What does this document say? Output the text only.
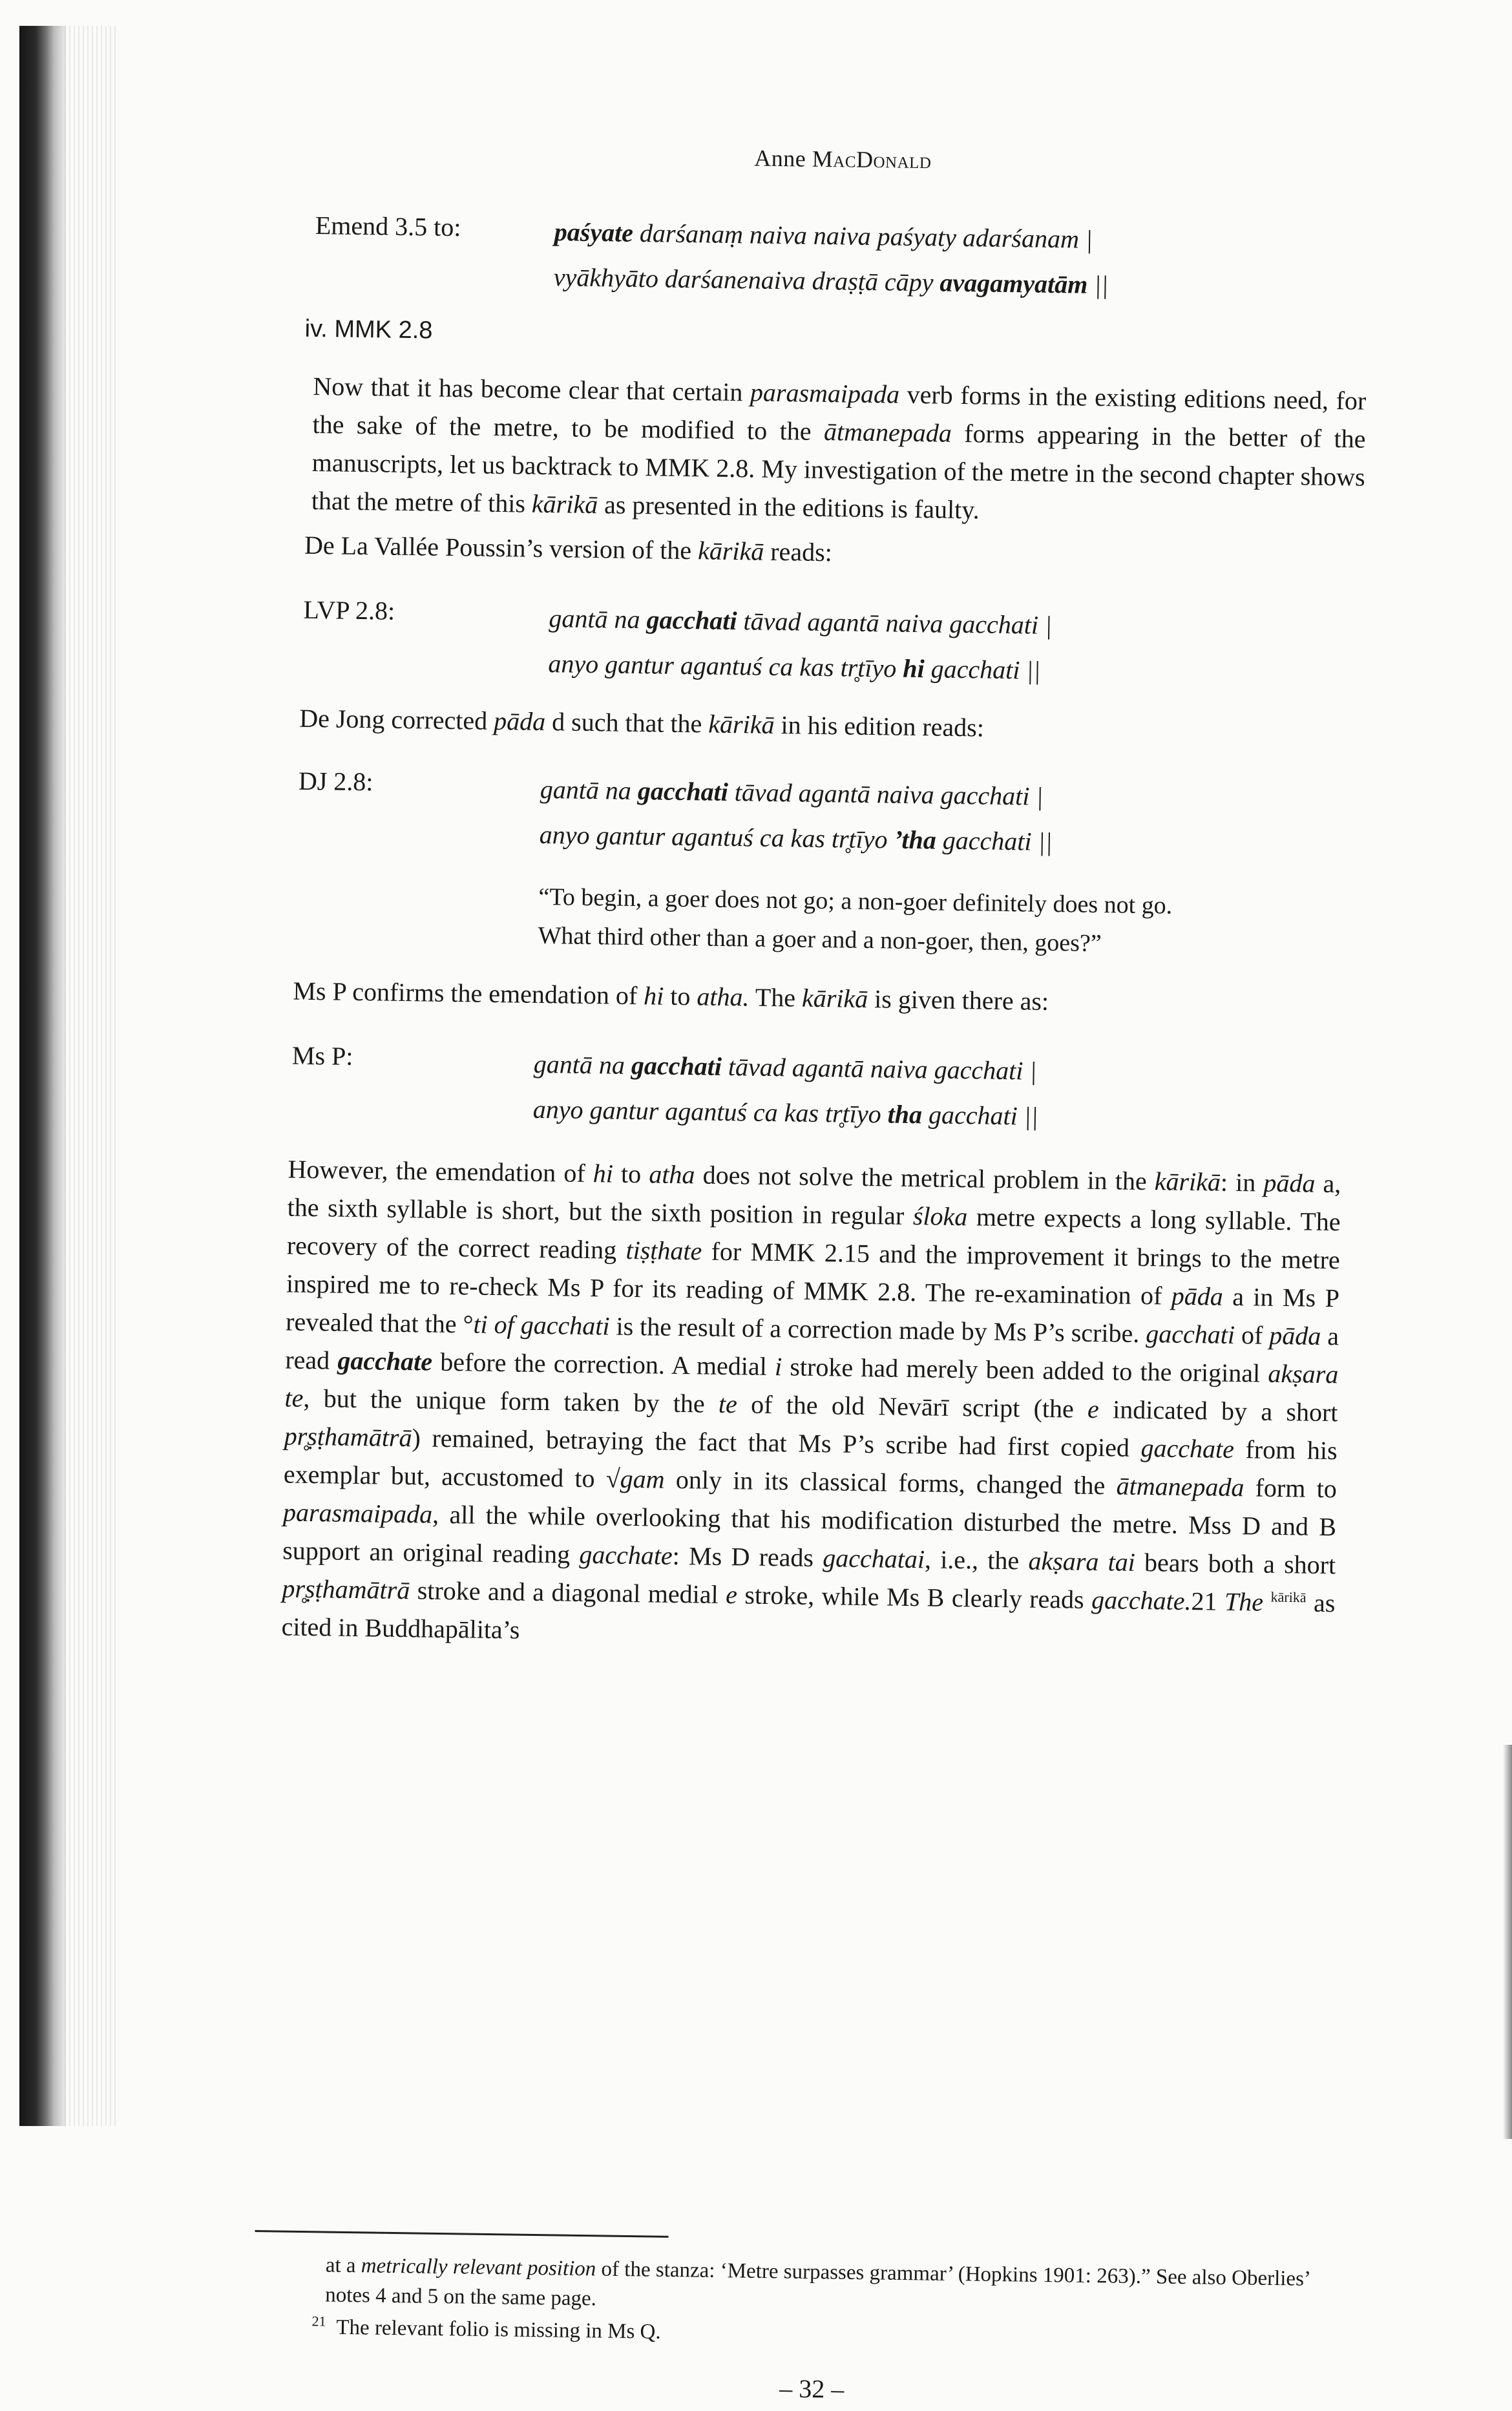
Anne MacDonald
Emend 3.5 to:	paśyate darśanaṃ naiva naiva paśyaty adarśanam |
vyākhyāto darśanenaiva draṣṭā cāpy avagamyatām ||
iv. MMK 2.8
Now that it has become clear that certain parasmaipada verb forms in the existing editions need, for the sake of the metre, to be modified to the ātmanepada forms appearing in the better of the manuscripts, let us backtrack to MMK 2.8. My investigation of the metre in the second chapter shows that the metre of this kārikā as presented in the editions is faulty.
De La Vallée Poussin’s version of the kārikā reads:
LVP 2.8:	gantā na gacchati tāvad agantā naiva gacchati |
anyo gantur agantuś ca kas tr̥tīyo hi gacchati ||
De Jong corrected pāda d such that the kārikā in his edition reads:
DJ 2.8:	gantā na gacchati tāvad agantā naiva gacchati |
anyo gantur agantuś ca kas tr̥tīyo ’tha gacchati ||
“To begin, a goer does not go; a non-goer definitely does not go.
What third other than a goer and a non-goer, then, goes?”
Ms P confirms the emendation of hi to atha. The kārikā is given there as:
Ms P:	gantā na gacchati tāvad agantā naiva gacchati |
anyo gantur agantuś ca kas tr̥tīyo tha gacchati ||
However, the emendation of hi to atha does not solve the metrical problem in the kārikā: in pāda a, the sixth syllable is short, but the sixth position in regular śloka metre expects a long syllable. The recovery of the correct reading tiṣṭhate for MMK 2.15 and the improvement it brings to the metre inspired me to re-check Ms P for its reading of MMK 2.8. The re-examination of pāda a in Ms P revealed that the °ti of gacchati is the result of a correction made by Ms P’s scribe. gacchati of pāda a read gacchate before the correction. A medial i stroke had merely been added to the original akṣara te, but the unique form taken by the te of the old Nevārī script (the e indicated by a short pr̥ṣṭhamātrā) remained, betraying the fact that Ms P’s scribe had first copied gacchate from his exemplar but, accustomed to √gam only in its classical forms, changed the ātmanepada form to parasmaipada, all the while overlooking that his modification disturbed the metre. Mss D and B support an original reading gacchate: Ms D reads gacchatai, i.e., the akṣara tai bears both a short pr̥ṣṭhamātrā stroke and a diagonal medial e stroke, while Ms B clearly reads gacchate.21 The $^{kārikā}$ as cited in Buddhapālita’s
at a metrically relevant position of the stanza: ‘Metre surpasses grammar’ (Hopkins 1901: 263).” See also Oberlies’ notes 4 and 5 on the same page.
$^{21}$ The relevant folio is missing in Ms Q.
– 32 –
